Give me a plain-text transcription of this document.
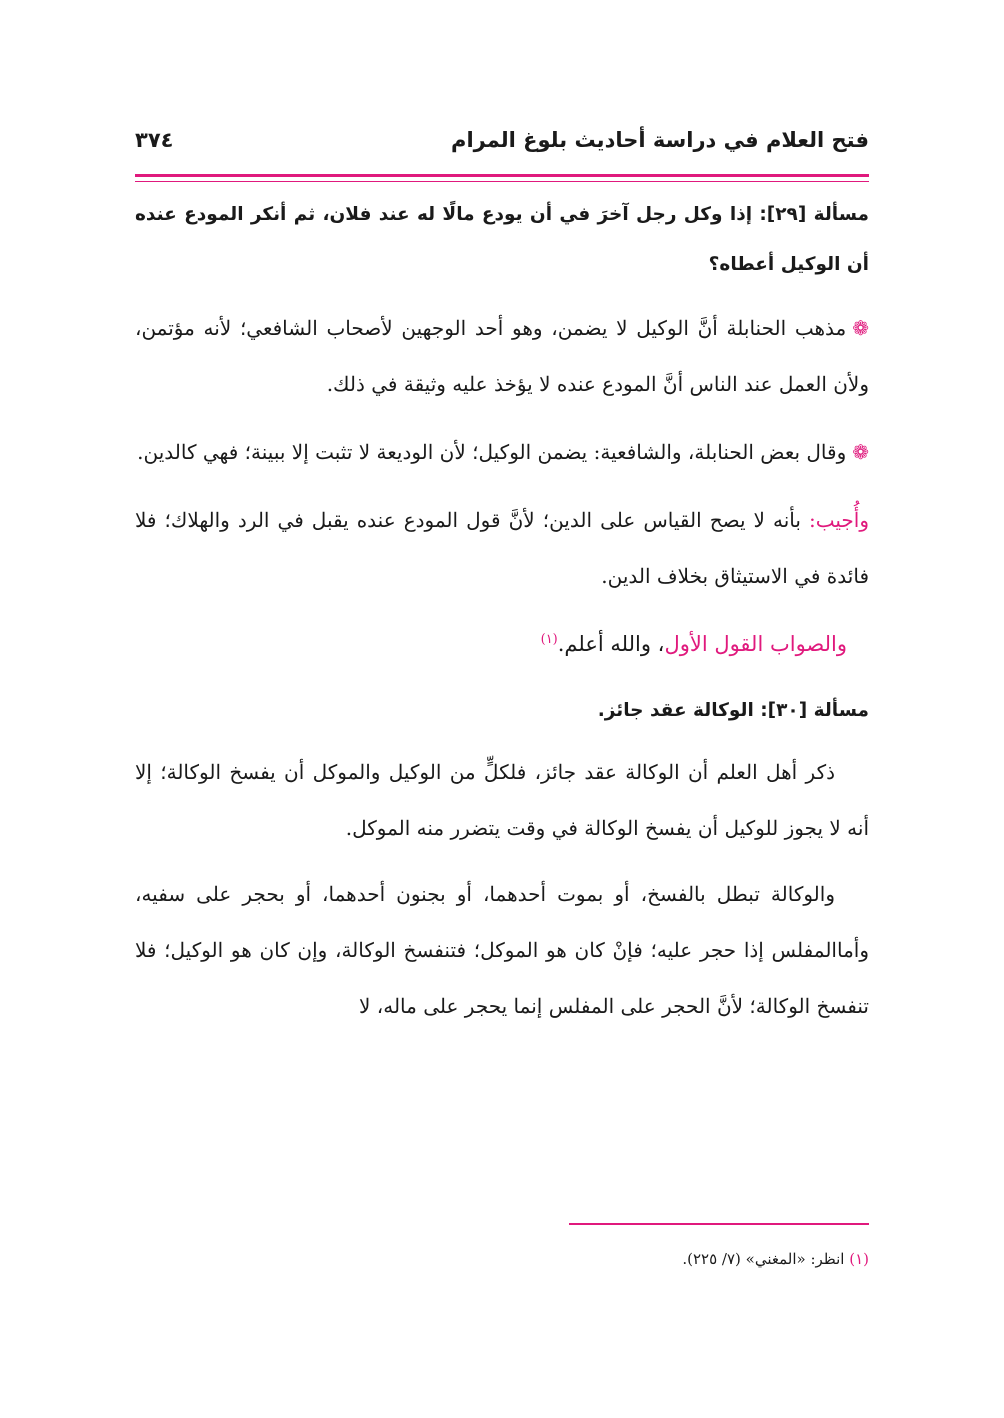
فتح العلام في دراسة أحاديث بلوغ المرام
٣٧٤

مسألة [٢٩]: إذا وكل رجل آخرَ في أن يودع مالًا له عند فلان، ثم أنكر المودع عنده أن الوكيل أعطاه؟

❁مذهب الحنابلة أنَّ الوكيل لا يضمن، وهو أحد الوجهين لأصحاب الشافعي؛ لأنه مؤتمن، ولأن العمل عند الناس أنَّ المودع عنده لا يؤخذ عليه وثيقة في ذلك.

❁وقال بعض الحنابلة، والشافعية: يضمن الوكيل؛ لأن الوديعة لا تثبت إلا ببينة؛ فهي كالدين.

وأُجيب: بأنه لا يصح القياس على الدين؛ لأنَّ قول المودع عنده يقبل في الرد والهلاك؛ فلا فائدة في الاستيثاق بخلاف الدين.

والصواب القول الأول، والله أعلم.$^{(١)}$

مسألة [٣٠]: الوكالة عقد جائز.

ذكر أهل العلم أن الوكالة عقد جائز، فلكلٍّ من الوكيل والموكل أن يفسخ الوكالة؛ إلا أنه لا يجوز للوكيل أن يفسخ الوكالة في وقت يتضرر منه الموكل.

والوكالة تبطل بالفسخ، أو بموت أحدهما، أو بجنون أحدهما، أو بحجر على سفيه، وأماالمفلس إذا حجر عليه؛ فإنْ كان هو الموكل؛ فتنفسخ الوكالة، وإن كان هو الوكيل؛ فلا تنفسخ الوكالة؛ لأنَّ الحجر على المفلس إنما يحجر على ماله، لا

(١) انظر: «المغني» (٧/ ٢٢٥).
